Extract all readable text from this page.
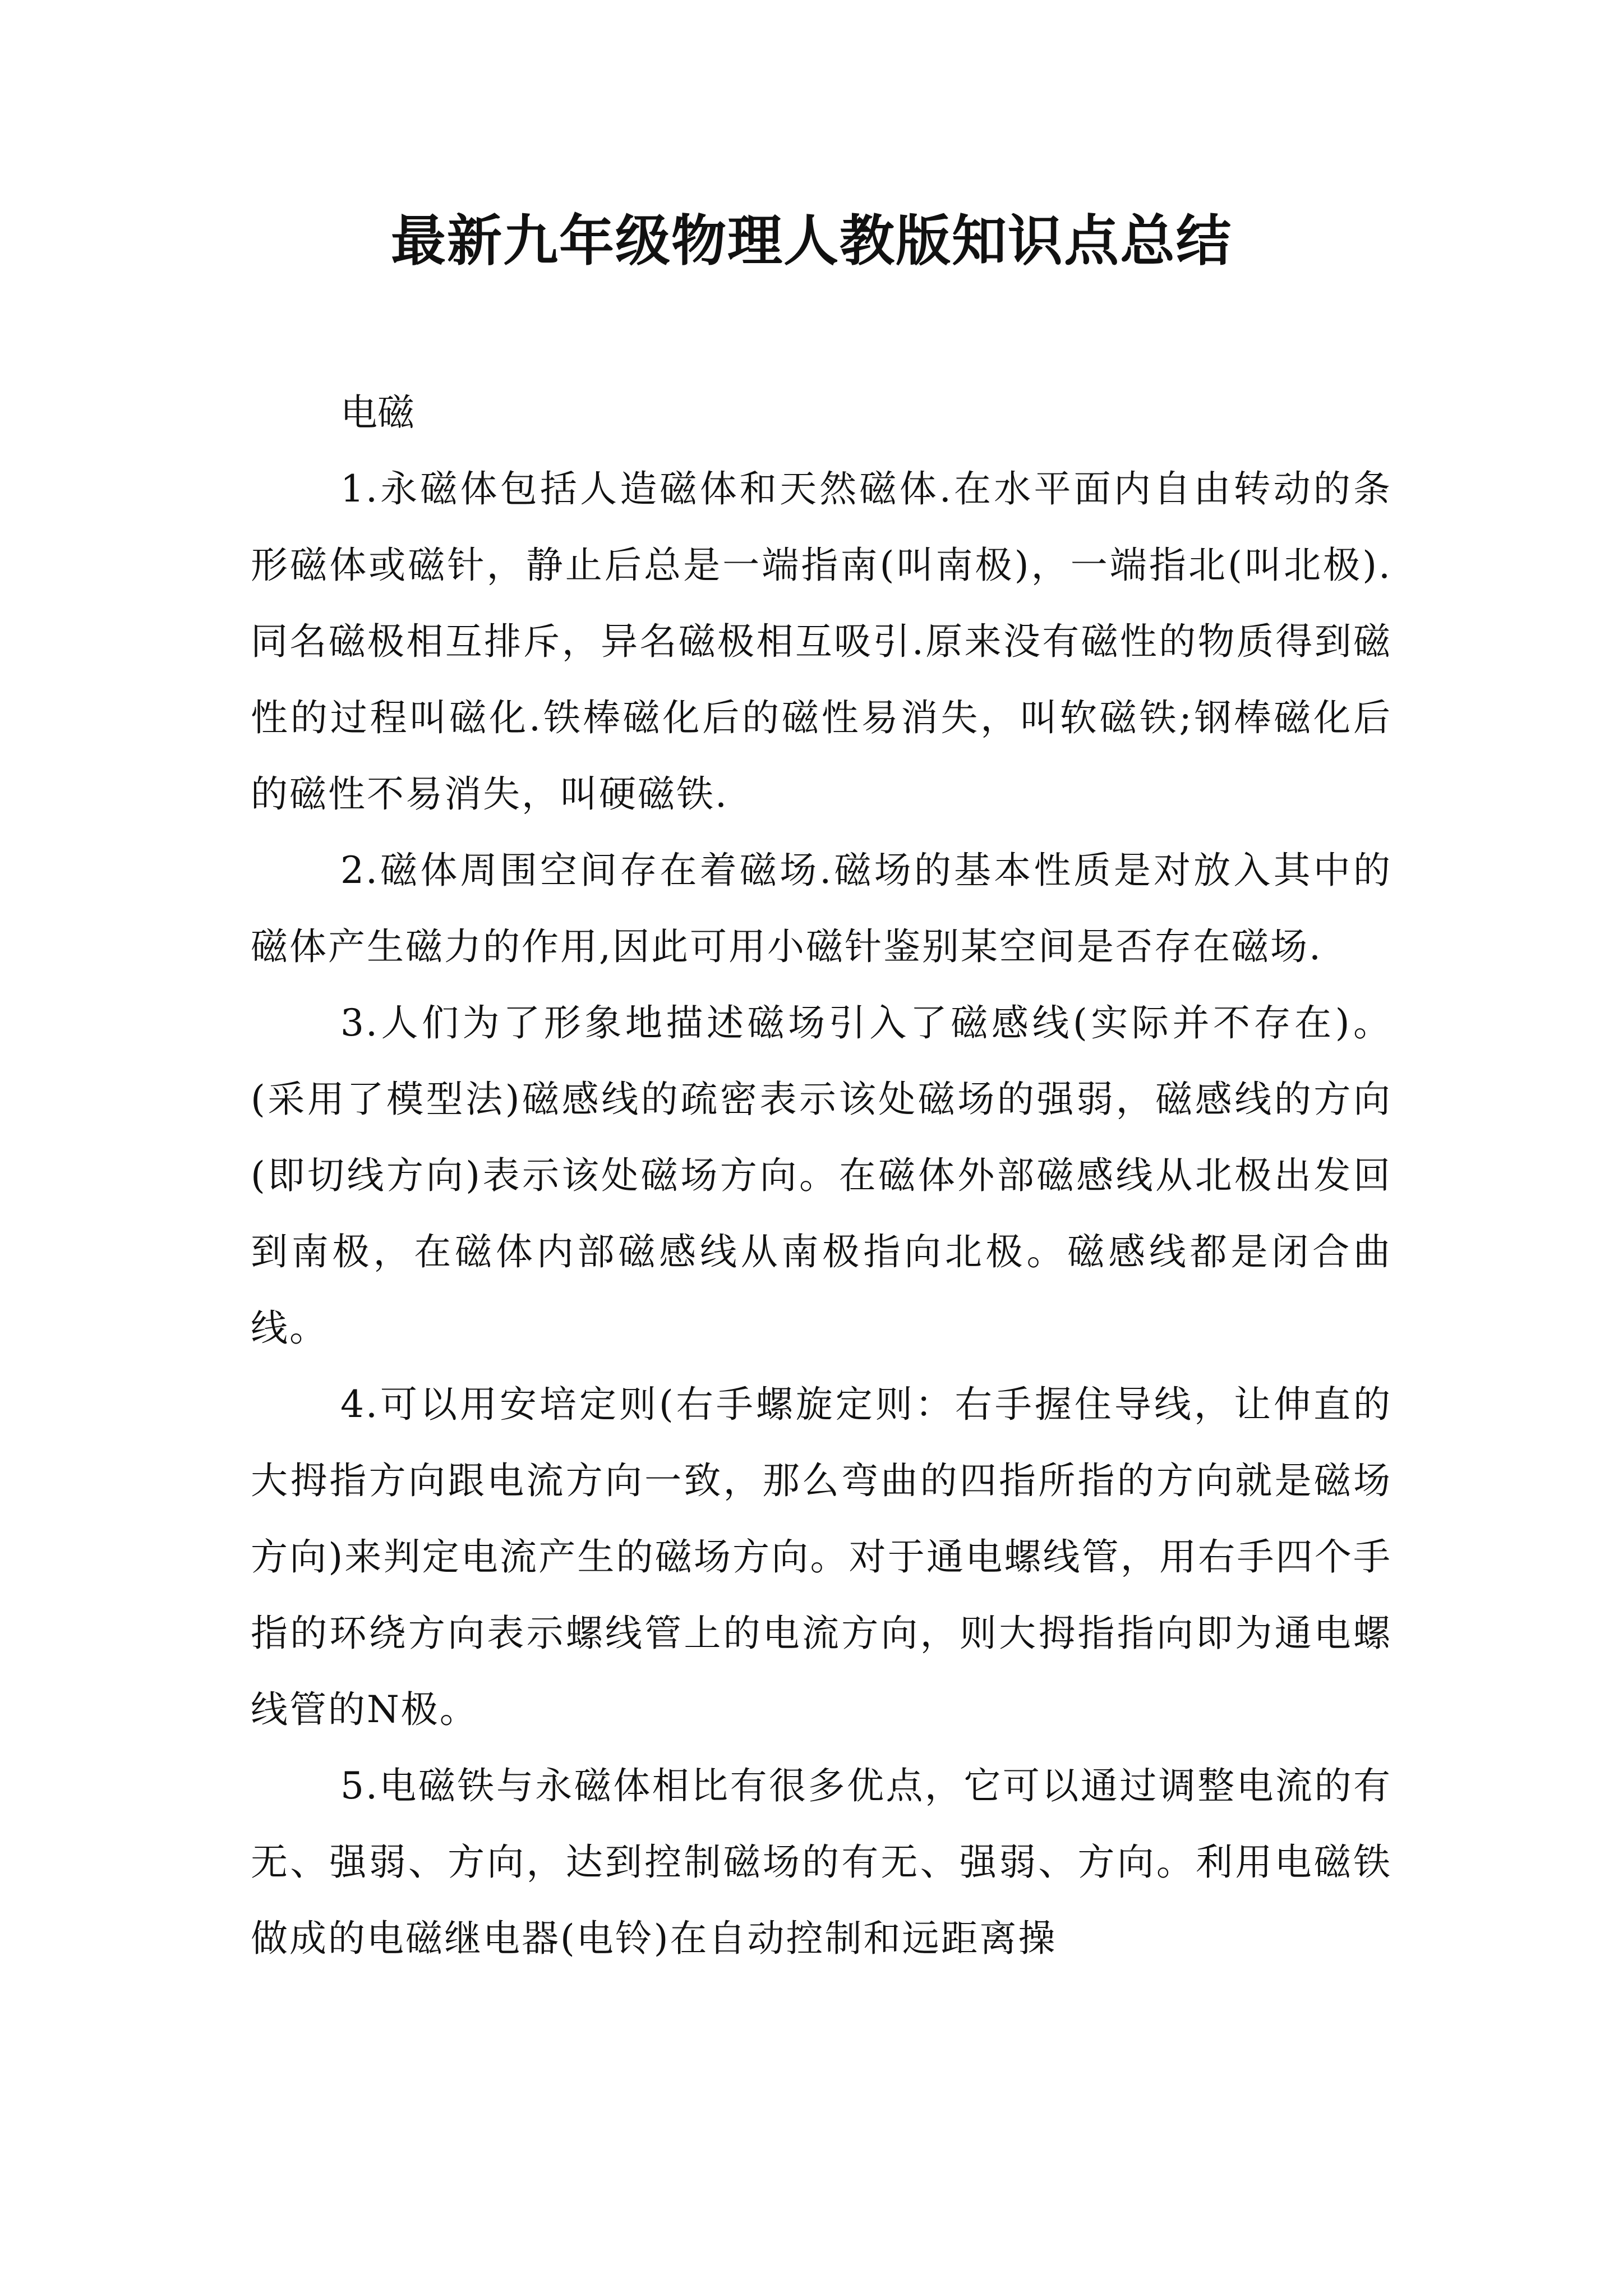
最新九年级物理人教版知识点总结

电磁

1.永磁体包括人造磁体和天然磁体.在水平面内自由转动的条形磁体或磁针，静止后总是一端指南(叫南极)，一端指北(叫北极).同名磁极相互排斥，异名磁极相互吸引.原来没有磁性的物质得到磁性的过程叫磁化.铁棒磁化后的磁性易消失，叫软磁铁;钢棒磁化后的磁性不易消失，叫硬磁铁.

2.磁体周围空间存在着磁场.磁场的基本性质是对放入其中的磁体产生磁力的作用,因此可用小磁针鉴别某空间是否存在磁场.

3.人们为了形象地描述磁场引入了磁感线(实际并不存在)。(采用了模型法)磁感线的疏密表示该处磁场的强弱，磁感线的方向(即切线方向)表示该处磁场方向。在磁体外部磁感线从北极出发回到南极，在磁体内部磁感线从南极指向北极。磁感线都是闭合曲线。

4.可以用安培定则(右手螺旋定则：右手握住导线，让伸直的大拇指方向跟电流方向一致，那么弯曲的四指所指的方向就是磁场方向)来判定电流产生的磁场方向。对于通电螺线管，用右手四个手指的环绕方向表示螺线管上的电流方向，则大拇指指向即为通电螺线管的N极。

5.电磁铁与永磁体相比有很多优点，它可以通过调整电流的有无、强弱、方向，达到控制磁场的有无、强弱、方向。利用电磁铁做成的电磁继电器(电铃)在自动控制和远距离操
